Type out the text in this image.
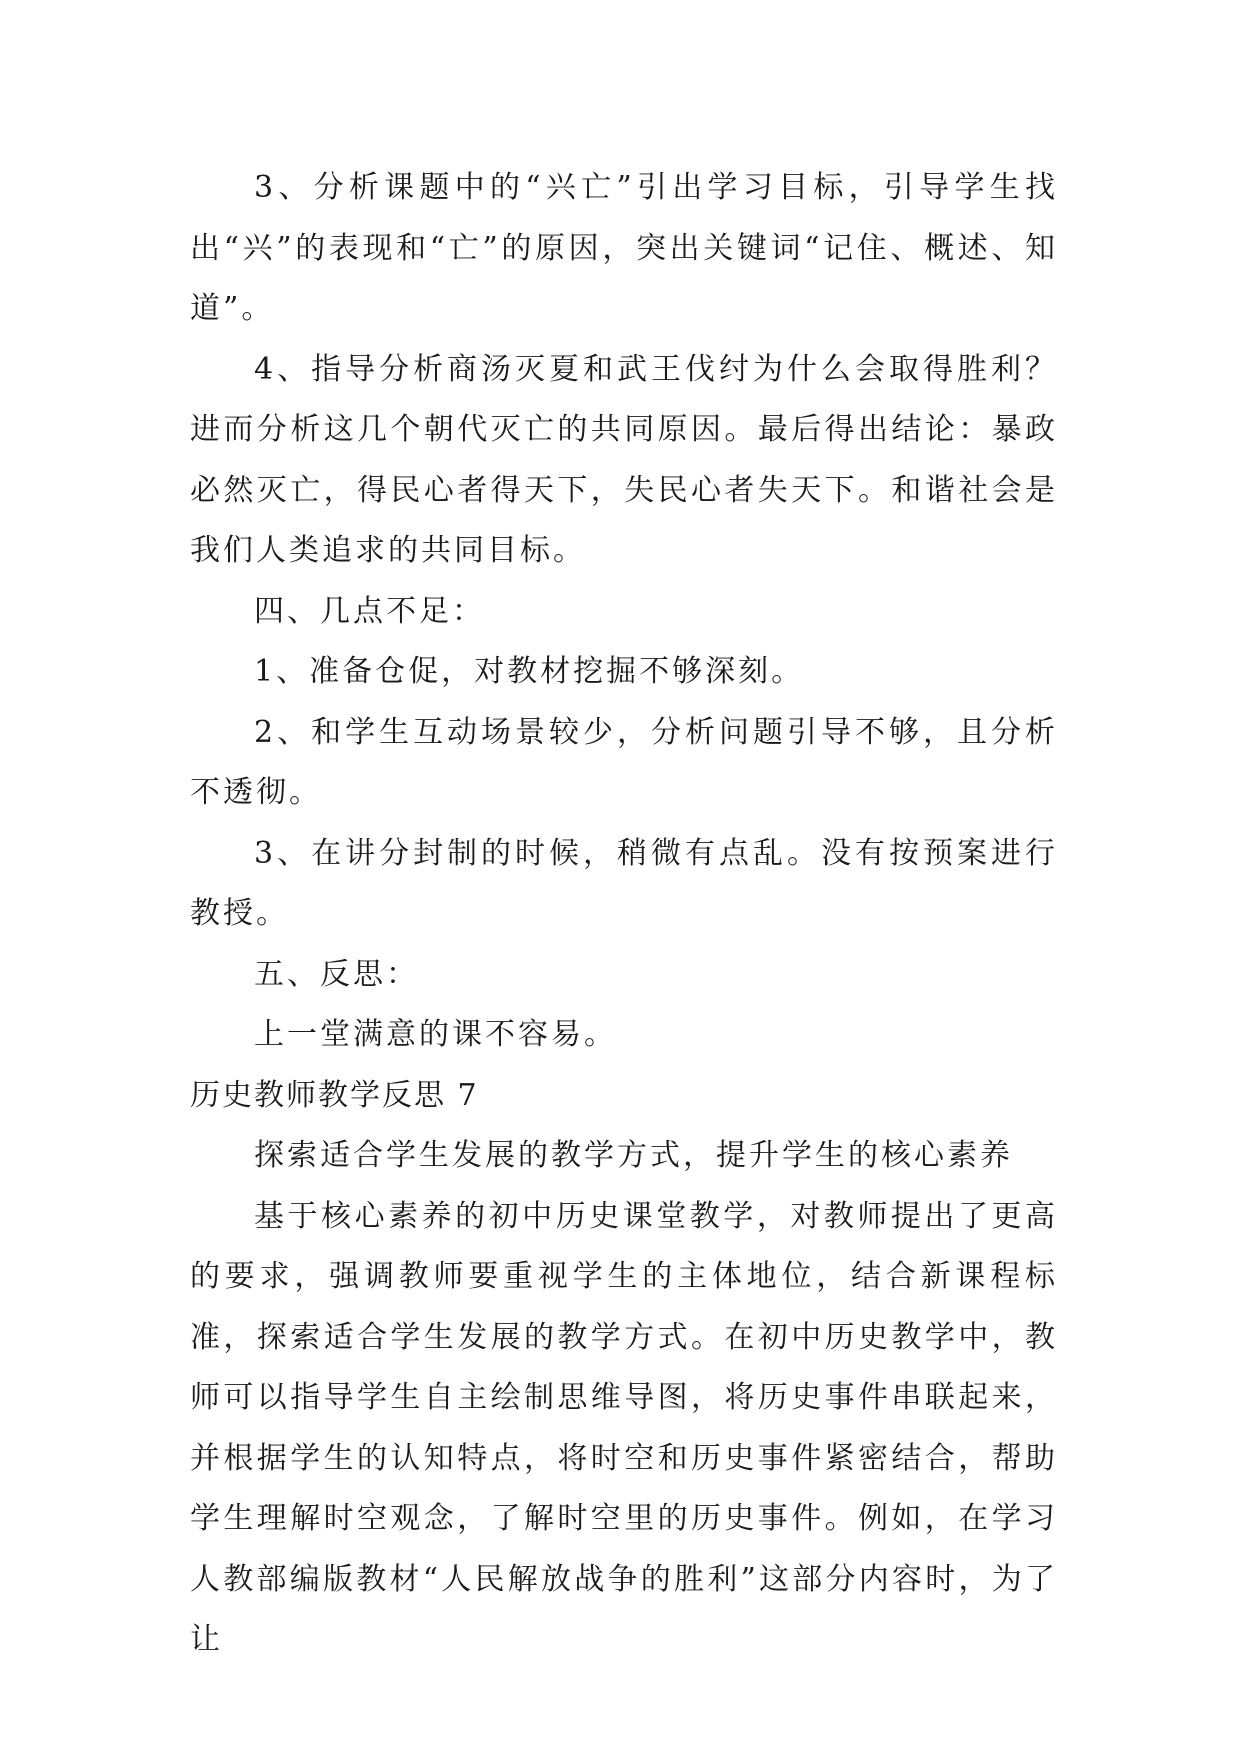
3、分析课题中的“兴亡”引出学习目标，引导学生找出“兴”的表现和“亡”的原因，突出关键词“记住、概述、知道”。

4、指导分析商汤灭夏和武王伐纣为什么会取得胜利？进而分析这几个朝代灭亡的共同原因。最后得出结论：暴政必然灭亡，得民心者得天下，失民心者失天下。和谐社会是我们人类追求的共同目标。

四、几点不足：

1、准备仓促，对教材挖掘不够深刻。

2、和学生互动场景较少，分析问题引导不够，且分析不透彻。

3、在讲分封制的时候，稍微有点乱。没有按预案进行教授。

五、反思：

上一堂满意的课不容易。

历史教师教学反思 7

探索适合学生发展的教学方式，提升学生的核心素养

基于核心素养的初中历史课堂教学，对教师提出了更高的要求，强调教师要重视学生的主体地位，结合新课程标准，探索适合学生发展的教学方式。在初中历史教学中，教师可以指导学生自主绘制思维导图，将历史事件串联起来，并根据学生的认知特点，将时空和历史事件紧密结合，帮助学生理解时空观念，了解时空里的历史事件。例如，在学习人教部编版教材“人民解放战争的胜利”这部分内容时，为了让
